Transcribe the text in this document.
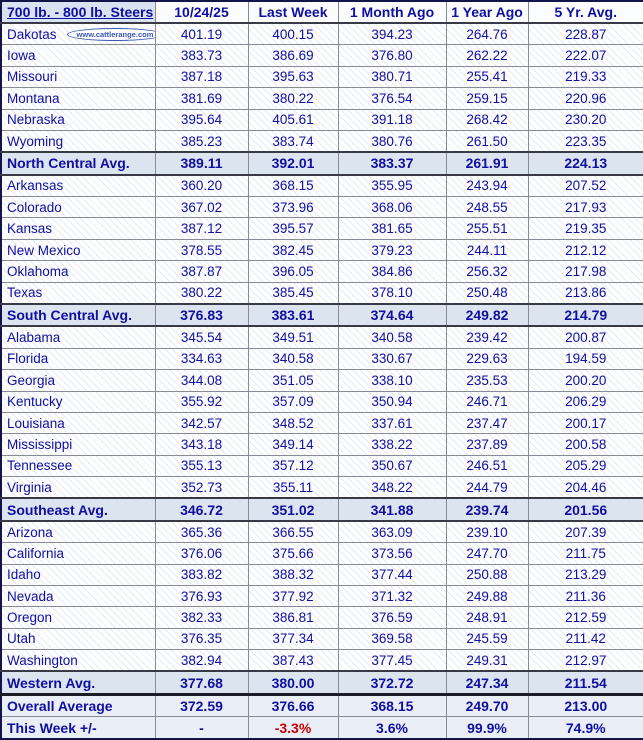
700 lb. - 800 lb. Steers	10/24/25	Last Week	1 Month Ago	1 Year Ago	5 Yr. Avg.
Dakotas www.cattlerange.com	401.19	400.15	394.23	264.76	228.87
Iowa	383.73	386.69	376.80	262.22	222.07
Missouri	387.18	395.63	380.71	255.41	219.33
Montana	381.69	380.22	376.54	259.15	220.96
Nebraska	395.64	405.61	391.18	268.42	230.20
Wyoming	385.23	383.74	380.76	261.50	223.35
North Central Avg.	389.11	392.01	383.37	261.91	224.13
Arkansas	360.20	368.15	355.95	243.94	207.52
Colorado	367.02	373.96	368.06	248.55	217.93
Kansas	387.12	395.57	381.65	255.51	219.35
New Mexico	378.55	382.45	379.23	244.11	212.12
Oklahoma	387.87	396.05	384.86	256.32	217.98
Texas	380.22	385.45	378.10	250.48	213.86
South Central Avg.	376.83	383.61	374.64	249.82	214.79
Alabama	345.54	349.51	340.58	239.42	200.87
Florida	334.63	340.58	330.67	229.63	194.59
Georgia	344.08	351.05	338.10	235.53	200.20
Kentucky	355.92	357.09	350.94	246.71	206.29
Louisiana	342.57	348.52	337.61	237.47	200.17
Mississippi	343.18	349.14	338.22	237.89	200.58
Tennessee	355.13	357.12	350.67	246.51	205.29
Virginia	352.73	355.11	348.22	244.79	204.46
Southeast Avg.	346.72	351.02	341.88	239.74	201.56
Arizona	365.36	366.55	363.09	239.10	207.39
California	376.06	375.66	373.56	247.70	211.75
Idaho	383.82	388.32	377.44	250.88	213.29
Nevada	376.93	377.92	371.32	249.88	211.36
Oregon	382.33	386.81	376.59	248.91	212.59
Utah	376.35	377.34	369.58	245.59	211.42
Washington	382.94	387.43	377.45	249.31	212.97
Western Avg.	377.68	380.00	372.72	247.34	211.54
Overall Average	372.59	376.66	368.15	249.70	213.00
This Week +/-	-	-3.3%	3.6%	99.9%	74.9%
